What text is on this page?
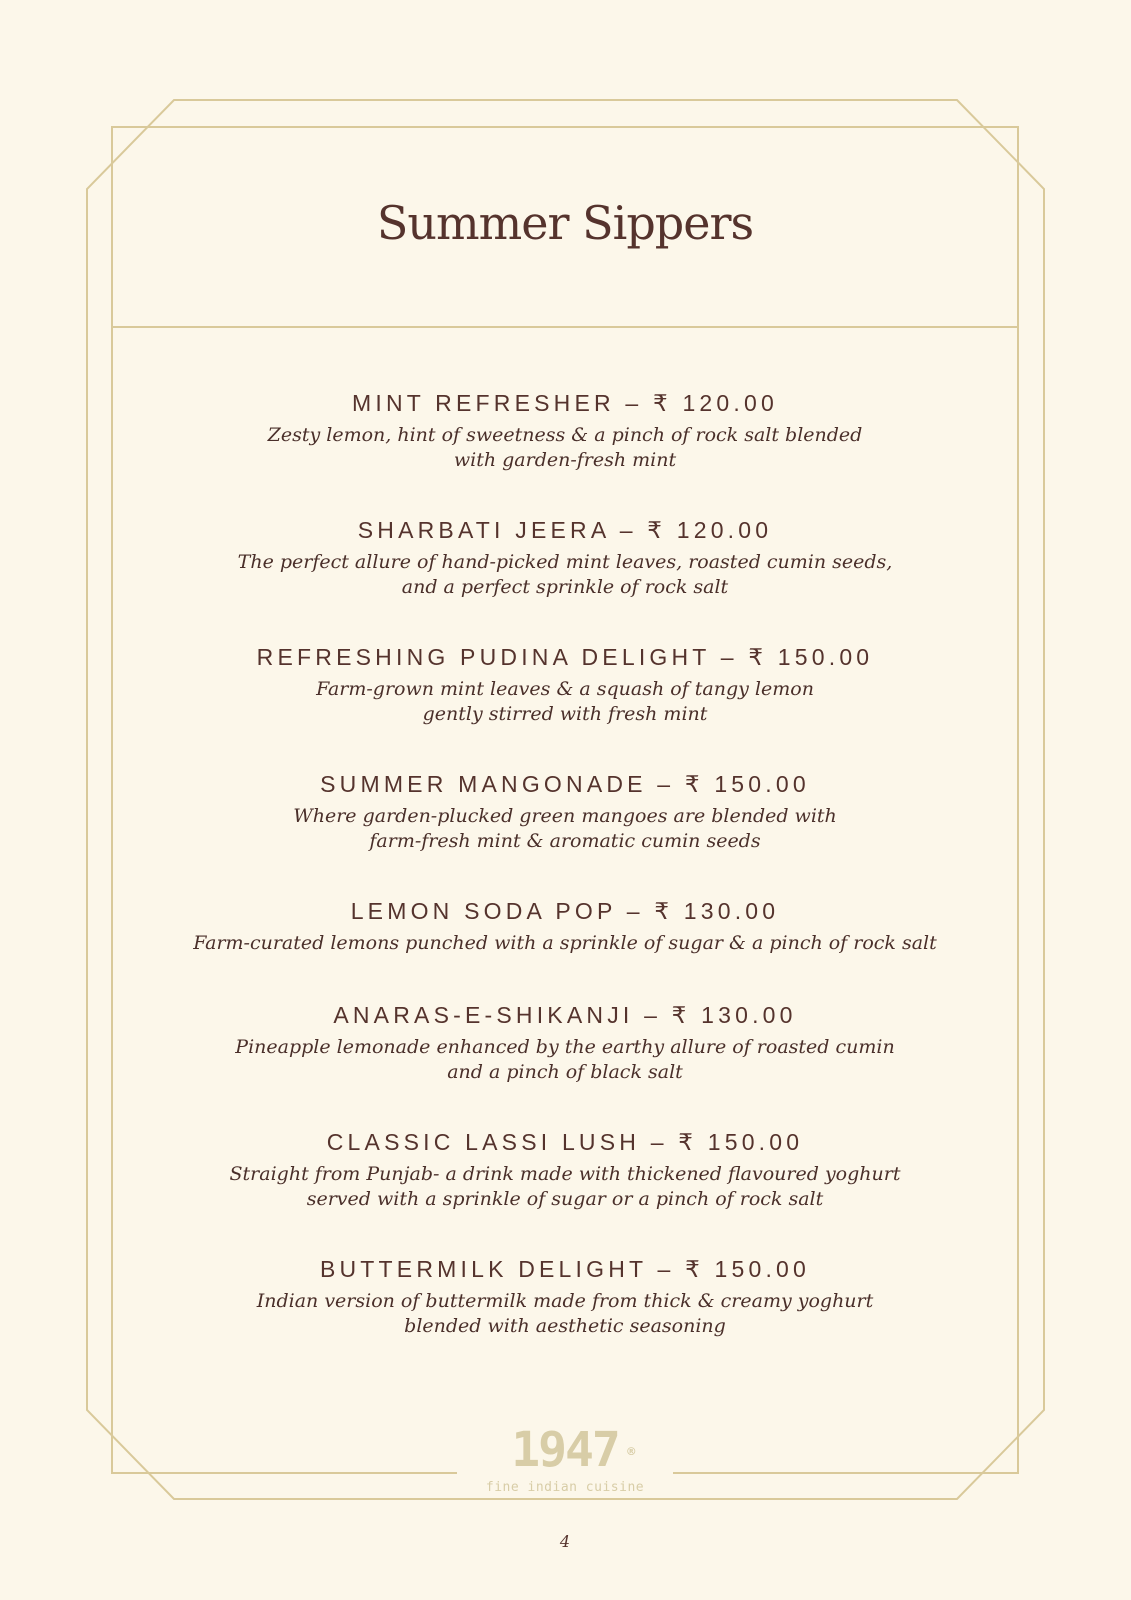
Summer Sippers
MINT REFRESHER – ₹ 120.00
Zesty lemon, hint of sweetness & a pinch of rock salt blended
with garden-fresh mint
SHARBATI JEERA – ₹ 120.00
The perfect allure of hand-picked mint leaves, roasted cumin seeds,
and a perfect sprinkle of rock salt
REFRESHING PUDINA DELIGHT – ₹ 150.00
Farm-grown mint leaves & a squash of tangy lemon
gently stirred with fresh mint
SUMMER MANGONADE – ₹ 150.00
Where garden-plucked green mangoes are blended with
farm-fresh mint & aromatic cumin seeds
LEMON SODA POP – ₹ 130.00
Farm-curated lemons punched with a sprinkle of sugar & a pinch of rock salt
ANARAS-E-SHIKANJI – ₹ 130.00
Pineapple lemonade enhanced by the earthy allure of roasted cumin
and a pinch of black salt
CLASSIC LASSI LUSH – ₹ 150.00
Straight from Punjab- a drink made with thickened flavoured yoghurt
served with a sprinkle of sugar or a pinch of rock salt
BUTTERMILK DELIGHT – ₹ 150.00
Indian version of buttermilk made from thick & creamy yoghurt
blended with aesthetic seasoning
1947 ®
fine indian cuisine
4
